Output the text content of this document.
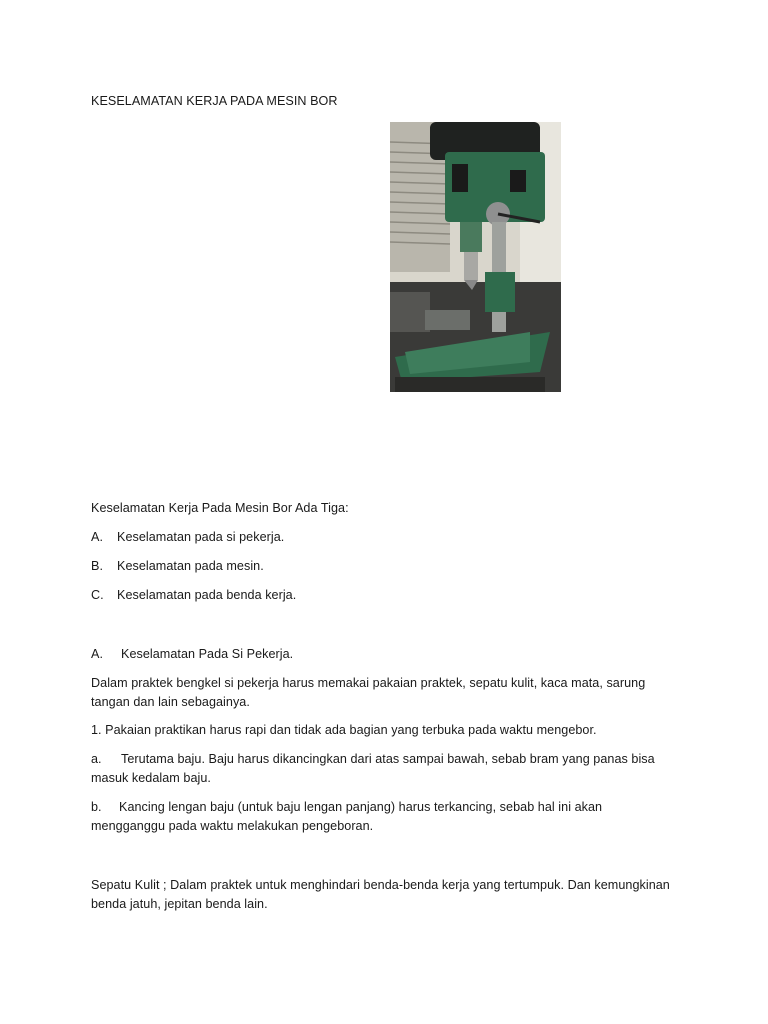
KESELAMATAN KERJA PADA MESIN BOR
Keselamatan Kerja Pada Mesin Bor Ada Tiga:
A. Keselamatan pada si pekerja.
B. Keselamatan pada mesin.
C. Keselamatan pada benda kerja.
A. Keselamatan Pada Si Pekerja.
Dalam praktek bengkel si pekerja harus memakai pakaian praktek, sepatu kulit, kaca mata, sarung
tangan dan lain sebagainya.
1. Pakaian praktikan harus rapi dan tidak ada bagian yang terbuka pada waktu mengebor.
a. Terutama baju. Baju harus dikancingkan dari atas sampai bawah, sebab bram yang panas bisa
masuk kedalam baju.
b. Kancing lengan baju (untuk baju lengan panjang) harus terkancing, sebab hal ini akan
mengganggu pada waktu melakukan pengeboran.
Sepatu Kulit ; Dalam praktek untuk menghindari benda-benda kerja yang tertumpuk. Dan kemungkinan
benda jatuh, jepitan benda lain.
